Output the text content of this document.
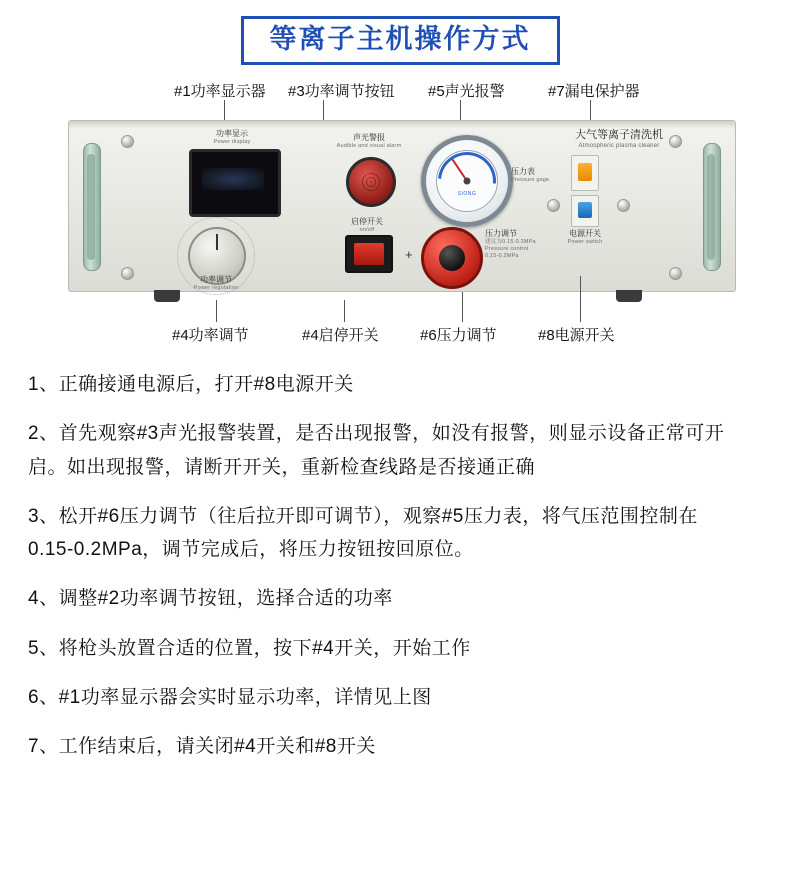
等离子主机操作方式
#1功率显示器 #3功率调节按钮 #5声光报警	#7漏电保护器
功率显示
Power display
功率调节
Power regulation
声光警报
Audible and visual alarm
启停开关
on/off
SIONG
压力表
Pressure gage
+
压力调节
建议为0.15-0.2MPa
Pressure control
0.15-0.2MPa
大气等离子清洗机
Atmospheric plasma cleaner
电源开关
Power switch
#4功率调节	#4启停开关	#6压力调节	#8电源开关
1、正确接通电源后，打开#8电源开关
2、首先观察#3声光报警装置，是否出现报警，如没有报警，则显示设备正常可开
启。如出现报警，请断开开关，重新检查线路是否接通正确
3、松开#6压力调节（往后拉开即可调节），观察#5压力表，将气压范围控制在
0.15-0.2MPa，调节完成后，将压力按钮按回原位。
4、调整#2功率调节按钮，选择合适的功率
5、将枪头放置合适的位置，按下#4开关，开始工作
6、#1功率显示器会实时显示功率，详情见上图
7、工作结束后，请关闭#4开关和#8开关
